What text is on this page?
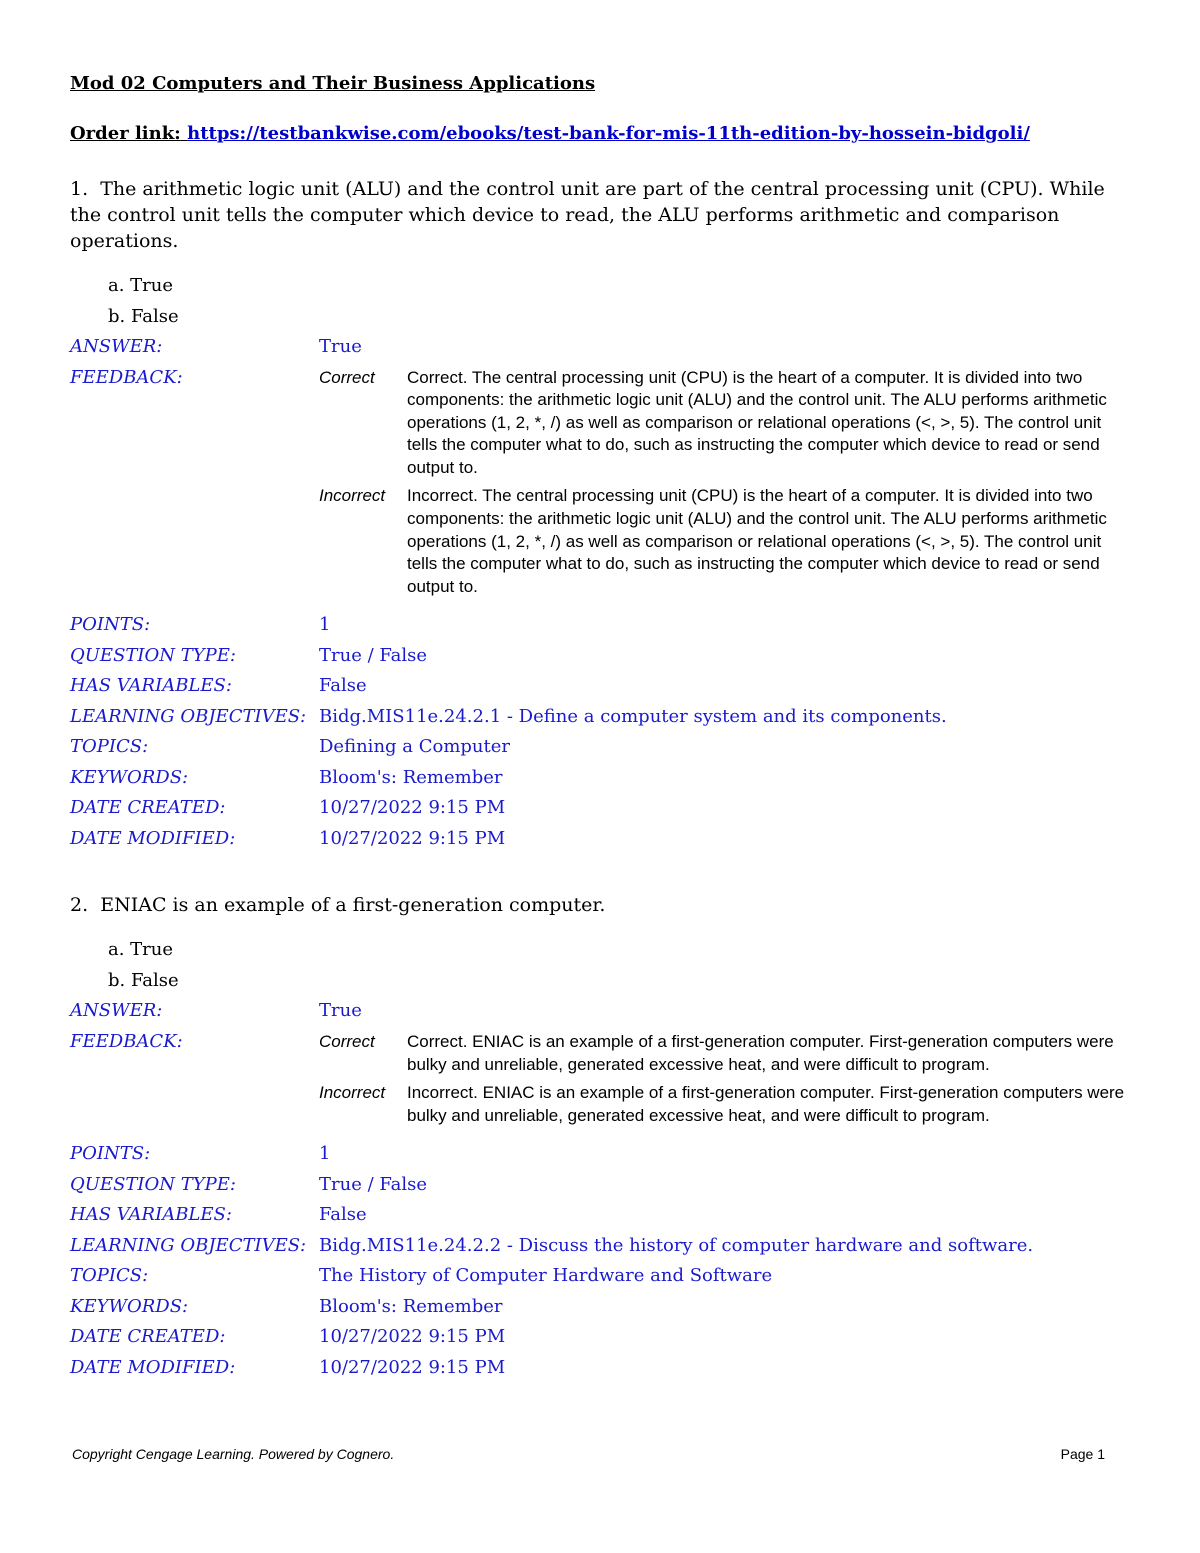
Mod 02 Computers and Their Business Applications
Order link: https://testbankwise.com/ebooks/test-bank-for-mis-11th-edition-by-hossein-bidgoli/
1. The arithmetic logic unit (ALU) and the control unit are part of the central processing unit (CPU). While the control unit tells the computer which device to read, the ALU performs arithmetic and comparison operations.
a. True
b. False
ANSWER:	True
FEEDBACK:	Correct	Correct. The central processing unit (CPU) is the heart of a computer. It is divided into two components: the arithmetic logic unit (ALU) and the control unit. The ALU performs arithmetic operations (1, 2, *, /) as well as comparison or relational operations (<, >, 5). The control unit tells the computer what to do, such as instructing the computer which device to read or send output to.
Incorrect	Incorrect. The central processing unit (CPU) is the heart of a computer. It is divided into two components: the arithmetic logic unit (ALU) and the control unit. The ALU performs arithmetic operations (1, 2, *, /) as well as comparison or relational operations (<, >, 5). The control unit tells the computer what to do, such as instructing the computer which device to read or send output to.
POINTS:	1
QUESTION TYPE:	True / False
HAS VARIABLES:	False
LEARNING OBJECTIVES: Bidg.MIS11e.24.2.1 - Define a computer system and its components.
TOPICS:	Defining a Computer
KEYWORDS:	Bloom's: Remember
DATE CREATED:	10/27/2022 9:15 PM
DATE MODIFIED:	10/27/2022 9:15 PM
2. ENIAC is an example of a first-generation computer.
a. True
b. False
ANSWER:	True
FEEDBACK:	Correct	Correct. ENIAC is an example of a first-generation computer. First-generation computers were bulky and unreliable, generated excessive heat, and were difficult to program.
Incorrect	Incorrect. ENIAC is an example of a first-generation computer. First-generation computers were bulky and unreliable, generated excessive heat, and were difficult to program.
POINTS:	1
QUESTION TYPE:	True / False
HAS VARIABLES:	False
LEARNING OBJECTIVES: Bidg.MIS11e.24.2.2 - Discuss the history of computer hardware and software.
TOPICS:	The History of Computer Hardware and Software
KEYWORDS:	Bloom's: Remember
DATE CREATED:	10/27/2022 9:15 PM
DATE MODIFIED:	10/27/2022 9:15 PM
Copyright Cengage Learning. Powered by Cognero.	Page 1
